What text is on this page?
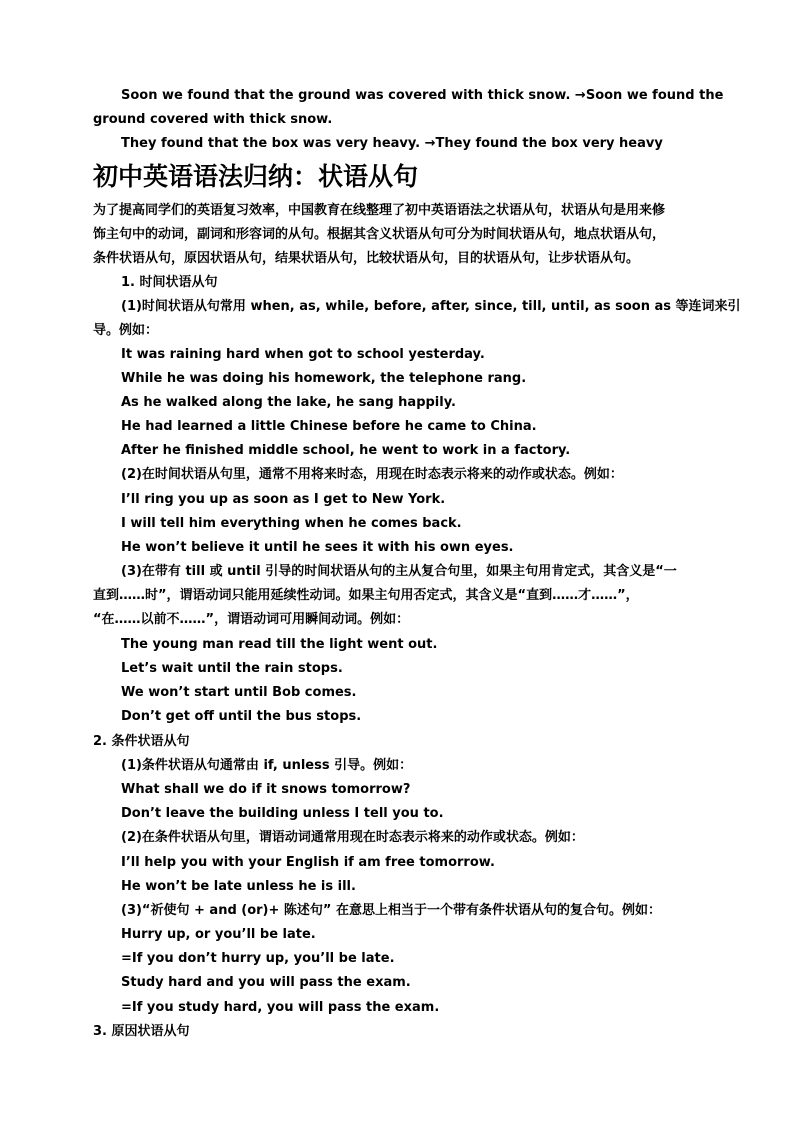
Soon we found that the ground was covered with thick snow. →Soon we found the
ground covered with thick snow.
They found that the box was very heavy. →They found the box very heavy
初中英语语法归纳：状语从句
为了提高同学们的英语复习效率，中国教育在线整理了初中英语语法之状语从句，状语从句是用来修
饰主句中的动词，副词和形容词的从句。根据其含义状语从句可分为时间状语从句，地点状语从句，
条件状语从句，原因状语从句，结果状语从句，比较状语从句，目的状语从句，让步状语从句。
1. 时间状语从句
(1)时间状语从句常用 when, as, while, before, after, since, till, until, as soon as 等连词来引
导。例如：
It was raining hard when got to school yesterday.
While he was doing his homework, the telephone rang.
As he walked along the lake, he sang happily.
He had learned a little Chinese before he came to China.
After he finished middle school, he went to work in a factory.
(2)在时间状语从句里，通常不用将来时态，用现在时态表示将来的动作或状态。例如：
I’ll ring you up as soon as I get to New York.
I will tell him everything when he comes back.
He won’t believe it until he sees it with his own eyes.
(3)在带有 till 或 until 引导的时间状语从句的主从复合句里，如果主句用肯定式，其含义是“一
直到……时”，谓语动词只能用延续性动词。如果主句用否定式，其含义是“直到……才……”，
“在……以前不……”，谓语动词可用瞬间动词。例如：
The young man read till the light went out.
Let’s wait until the rain stops.
We won’t start until Bob comes.
Don’t get off until the bus stops.
2. 条件状语从句
(1)条件状语从句通常由 if, unless 引导。例如：
What shall we do if it snows tomorrow?
Don’t leave the building unless I tell you to.
(2)在条件状语从句里，谓语动词通常用现在时态表示将来的动作或状态。例如：
I’ll help you with your English if am free tomorrow.
He won’t be late unless he is ill.
(3)“祈使句 + and (or)+ 陈述句” 在意思上相当于一个带有条件状语从句的复合句。例如：
Hurry up, or you’ll be late.
=If you don’t hurry up, you’ll be late.
Study hard and you will pass the exam.
=If you study hard, you will pass the exam.
3. 原因状语从句
